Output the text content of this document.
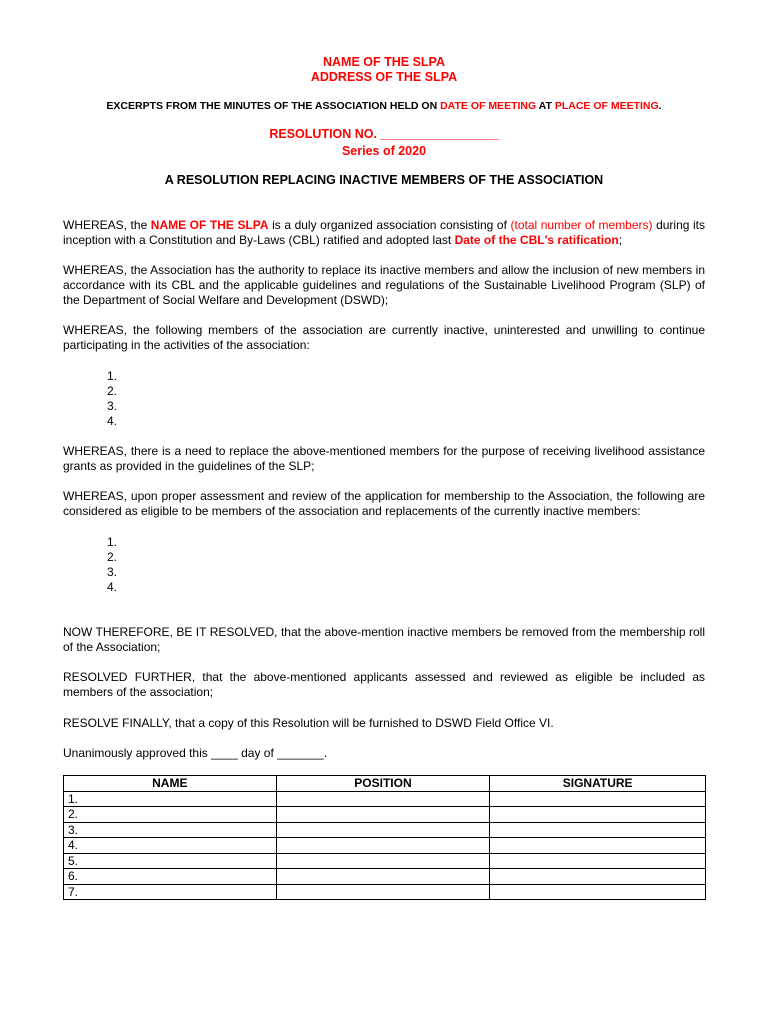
NAME OF THE SLPA
ADDRESS OF THE SLPA
EXCERPTS FROM THE MINUTES OF THE ASSOCIATION HELD ON DATE OF MEETING AT PLACE OF MEETING.
RESOLUTION NO. _________________
Series of 2020
A RESOLUTION REPLACING INACTIVE MEMBERS OF THE ASSOCIATION
WHEREAS, the NAME OF THE SLPA is a duly organized association consisting of (total number of members) during its inception with a Constitution and By-Laws (CBL) ratified and adopted last Date of the CBL's ratification;
WHEREAS, the Association has the authority to replace its inactive members and allow the inclusion of new members in accordance with its CBL and the applicable guidelines and regulations of the Sustainable Livelihood Program (SLP) of the Department of Social Welfare and Development (DSWD);
WHEREAS, the following members of the association are currently inactive, uninterested and unwilling to continue participating in the activities of the association:
1.
2.
3.
4.
WHEREAS, there is a need to replace the above-mentioned members for the purpose of receiving livelihood assistance grants as provided in the guidelines of the SLP;
WHEREAS, upon proper assessment and review of the application for membership to the Association, the following are considered as eligible to be members of the association and replacements of the currently inactive members:
1.
2.
3.
4.
NOW THEREFORE, BE IT RESOLVED, that the above-mention inactive members be removed from the membership roll of the Association;
RESOLVED FURTHER, that the above-mentioned applicants assessed and reviewed as eligible be included as members of the association;
RESOLVE FINALLY, that a copy of this Resolution will be furnished to DSWD Field Office VI.
Unanimously approved this ____ day of _______.
NAME	POSITION	SIGNATURE
1.		
2.		
3.		
4.		
5.		
6.		
7.		
